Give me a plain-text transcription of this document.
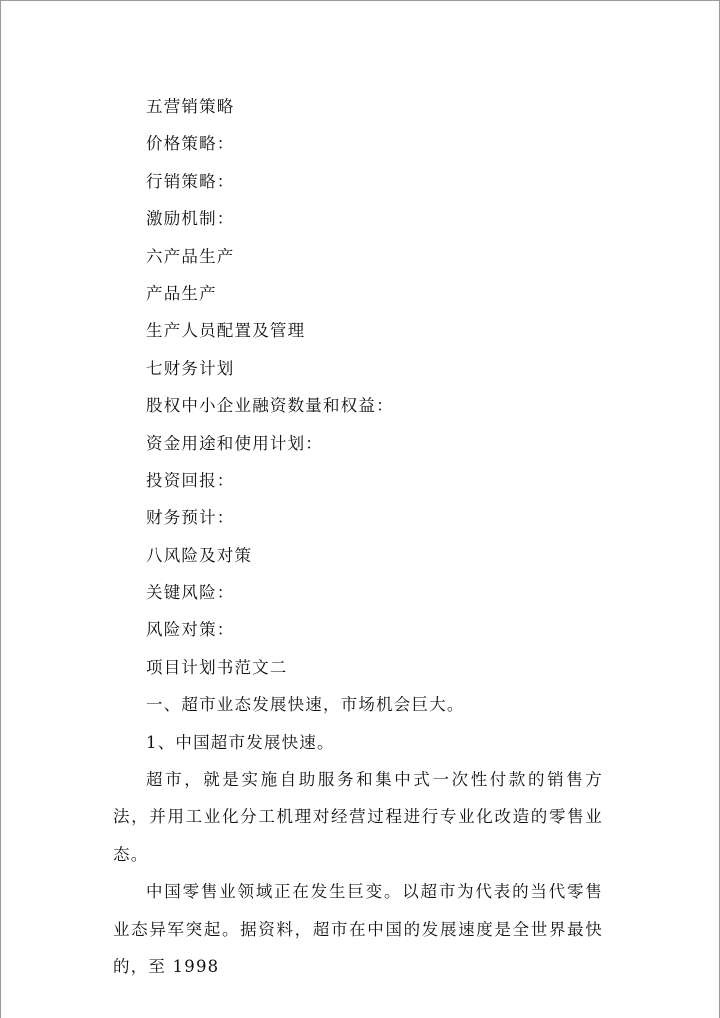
五营销策略
价格策略：
行销策略：
激励机制：
六产品生产
产品生产
生产人员配置及管理
七财务计划
股权中小企业融资数量和权益：
资金用途和使用计划：
投资回报：
财务预计：
八风险及对策
关键风险：
风险对策：
项目计划书范文二
一、超市业态发展快速，市场机会巨大。
1、中国超市发展快速。

超市，就是实施自助服务和集中式一次性付款的销售方法，并用工业化分工机理对经营过程进行专业化改造的零售业态。

中国零售业领域正在发生巨变。以超市为代表的当代零售业态异军突起。据资料，超市在中国的发展速度是全世界最快的，至 1998
